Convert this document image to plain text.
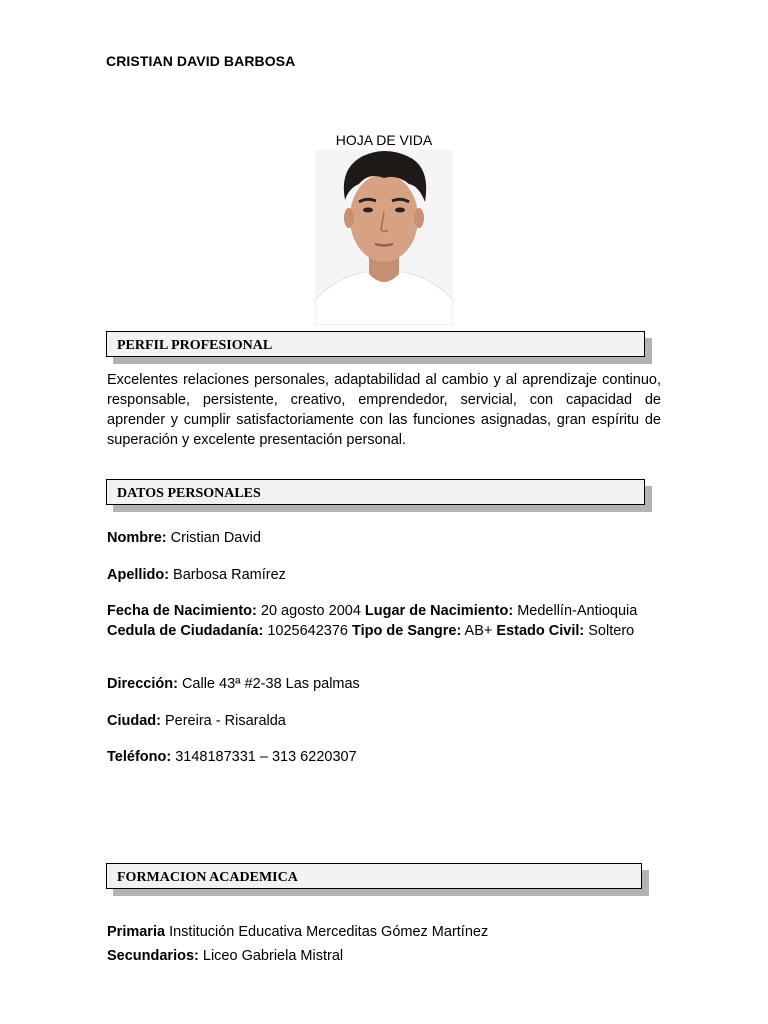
CRISTIAN DAVID BARBOSA
HOJA DE VIDA
PERFIL PROFESIONAL
Excelentes relaciones personales, adaptabilidad al cambio y al aprendizaje continuo, responsable, persistente, creativo, emprendedor, servicial, con capacidad de aprender y cumplir satisfactoriamente con las funciones asignadas, gran espíritu de superación y excelente presentación personal.
DATOS PERSONALES
Nombre: Cristian David
Apellido: Barbosa Ramírez
Fecha de Nacimiento: 20 agosto 2004 Lugar de Nacimiento: Medellín-Antioquia
Cedula de Ciudadanía: 1025642376 Tipo de Sangre: AB+ Estado Civil: Soltero
Dirección: Calle 43ª #2-38 Las palmas
Ciudad: Pereira - Risaralda
Teléfono: 3148187331 – 313 6220307
FORMACION ACADEMICA
Primaria Institución Educativa Merceditas Gómez Martínez
Secundarios: Liceo Gabriela Mistral
